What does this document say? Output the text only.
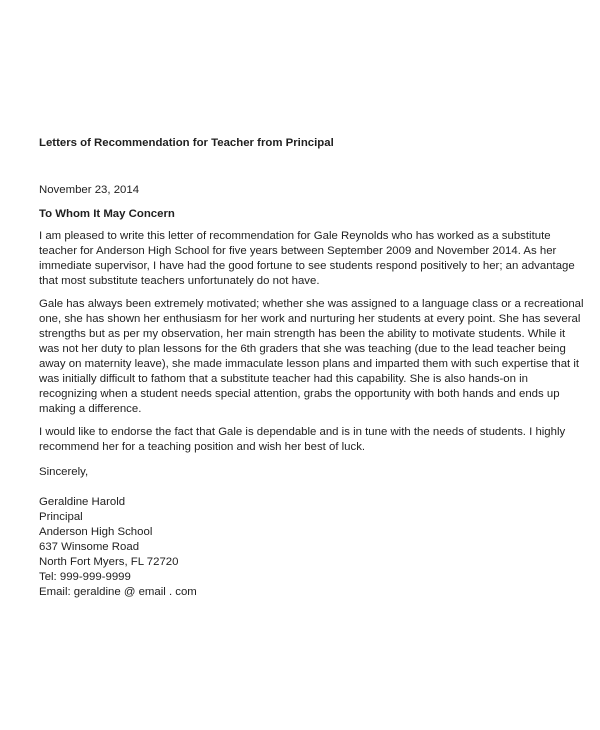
Letters of Recommendation for Teacher from Principal
November 23, 2014
To Whom It May Concern
I am pleased to write this letter of recommendation for Gale Reynolds who has worked as a substitute
teacher for Anderson High School for five years between September 2009 and November 2014. As her
immediate supervisor, I have had the good fortune to see students respond positively to her; an advantage
that most substitute teachers unfortunately do not have.
Gale has always been extremely motivated; whether she was assigned to a language class or a recreational
one, she has shown her enthusiasm for her work and nurturing her students at every point. She has several
strengths but as per my observation, her main strength has been the ability to motivate students. While it
was not her duty to plan lessons for the 6th graders that she was teaching (due to the lead teacher being
away on maternity leave), she made immaculate lesson plans and imparted them with such expertise that it
was initially difficult to fathom that a substitute teacher had this capability. She is also hands-on in
recognizing when a student needs special attention, grabs the opportunity with both hands and ends up
making a difference.
I would like to endorse the fact that Gale is dependable and is in tune with the needs of students. I highly
recommend her for a teaching position and wish her best of luck.
Sincerely,
Geraldine Harold
Principal
Anderson High School
637 Winsome Road
North Fort Myers, FL 72720
Tel: 999-999-9999
Email: geraldine @ email . com
